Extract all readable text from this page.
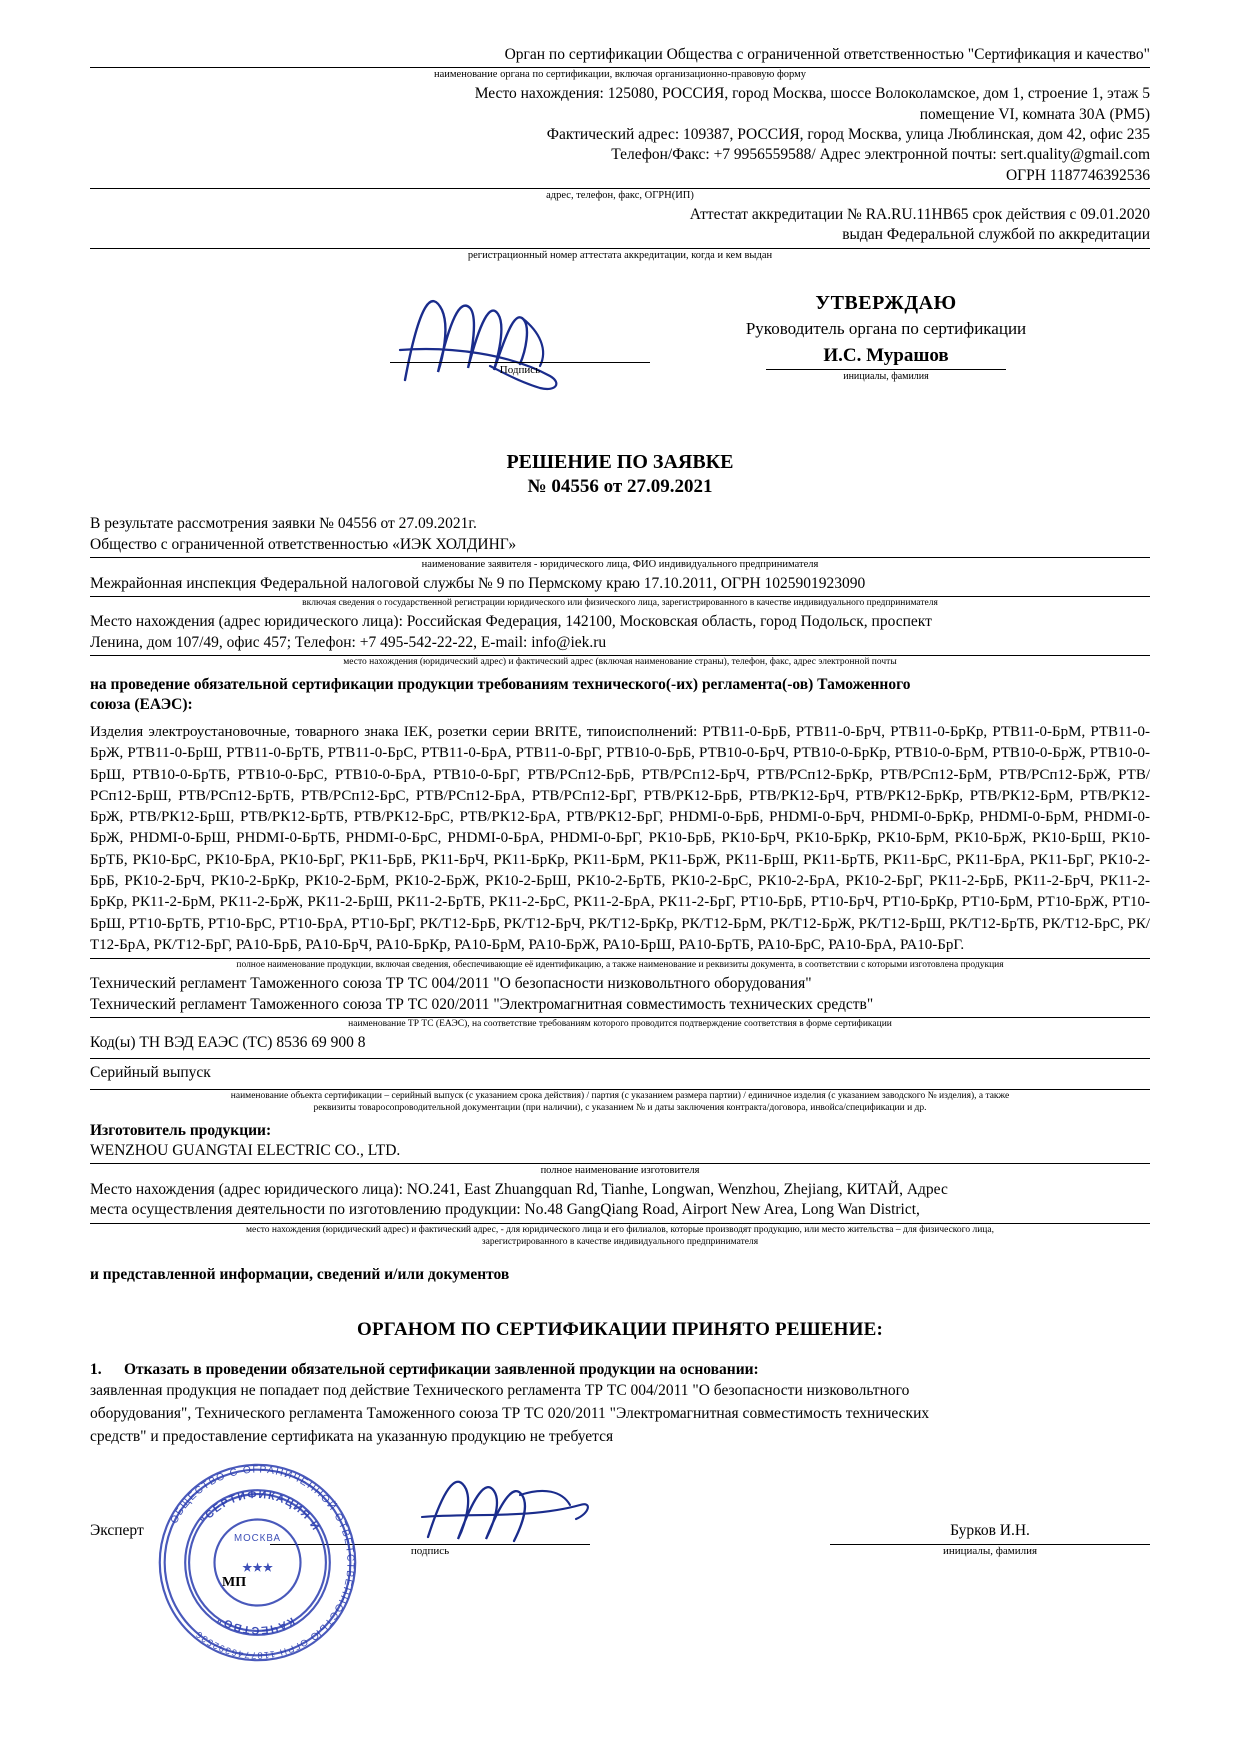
Орган по сертификации Общества с ограниченной ответственностью "Сертификация и качество"
наименование органа по сертификации, включая организационно-правовую форму
Место нахождения: 125080, РОССИЯ, город Москва, шоссе Волоколамское, дом 1, строение 1, этаж 5
помещение VI, комната 30А (РМ5)
Фактический адрес: 109387, РОССИЯ, город Москва, улица Люблинская, дом 42, офис 235
Телефон/Факс: +7 9956559588/ Адрес электронной почты: sert.quality@gmail.com
ОГРН 1187746392536
адрес, телефон, факс, ОГРН(ИП)
Аттестат аккредитации № RA.RU.11НВ65 срок действия с 09.01.2020
выдан Федеральной службой по аккредитации
регистрационный номер аттестата аккредитации, когда и кем выдан
УТВЕРЖДАЮ
Руководитель органа по сертификации
И.С. Мурашов
инициалы, фамилия
Подпись
РЕШЕНИЕ ПО ЗАЯВКЕ
№ 04556 от 27.09.2021
В результате рассмотрения заявки № 04556 от 27.09.2021г.
Общество с ограниченной ответственностью «ИЭК ХОЛДИНГ»
наименование заявителя - юридического лица, ФИО индивидуального предпринимателя
Межрайонная инспекция Федеральной налоговой службы № 9 по Пермскому краю 17.10.2011, ОГРН 1025901923090
включая сведения о государственной регистрации юридического или физического лица, зарегистрированного в качестве индивидуального предпринимателя
Место нахождения (адрес юридического лица): Российская Федерация, 142100, Московская область, город Подольск, проспект
Ленина, дом 107/49, офис 457; Телефон: +7 495-542-22-22, E-mail: info@iek.ru
место нахождения (юридический адрес) и фактический адрес (включая наименование страны), телефон, факс, адрес электронной почты
на проведение обязательной сертификации продукции требованиям технического(-их) регламента(-ов) Таможенного
союза (ЕАЭС):
Изделия электроустановочные, товарного знака IEK, розетки серии BRITE, типоисполнений: РТВ11-0-БрБ, РТВ11-0-БрЧ, РТВ11-0-БрКр, РТВ11-0-БрМ, РТВ11-0-БрЖ, РТВ11-0-БрШ, РТВ11-0-БрТБ, РТВ11-0-БрС, РТВ11-0-БрА, РТВ11-0-БрГ, РТВ10-0-БрБ, РТВ10-0-БрЧ, РТВ10-0-БрКр, РТВ10-0-БрМ, РТВ10-0-БрЖ, РТВ10-0-БрШ, РТВ10-0-БрТБ, РТВ10-0-БрС, РТВ10-0-БрА, РТВ10-0-БрГ, РТВ/РСп12-БрБ, РТВ/РСп12-БрЧ, РТВ/РСп12-БрКр, РТВ/РСп12-БрМ, РТВ/РСп12-БрЖ, РТВ/РСп12-БрШ, РТВ/РСп12-БрТБ, РТВ/РСп12-БрС, РТВ/РСп12-БрА, РТВ/РСп12-БрГ, РТВ/РК12-БрБ, РТВ/РК12-БрЧ, РТВ/РК12-БрКр, РТВ/РК12-БрМ, РТВ/РК12-БрЖ, РТВ/РК12-БрШ, РТВ/РК12-БрТБ, РТВ/РК12-БрС, РТВ/РК12-БрА, РТВ/РК12-БрГ, PHDMI-0-БрБ, PHDMI-0-БрЧ, PHDMI-0-БрКр, PHDMI-0-БрМ, PHDMI-0-БрЖ, PHDMI-0-БрШ, PHDMI-0-БрТБ, PHDMI-0-БрС, PHDMI-0-БрА, PHDMI-0-БрГ, РК10-БрБ, РК10-БрЧ, РК10-БрКр, РК10-БрМ, РК10-БрЖ, РК10-БрШ, РК10-БрТБ, РК10-БрС, РК10-БрА, РК10-БрГ, РК11-БрБ, РК11-БрЧ, РК11-БрКр, РК11-БрМ, РК11-БрЖ, РК11-БрШ, РК11-БрТБ, РК11-БрС, РК11-БрА, РК11-БрГ, РК10-2-БрБ, РК10-2-БрЧ, РК10-2-БрКр, РК10-2-БрМ, РК10-2-БрЖ, РК10-2-БрШ, РК10-2-БрТБ, РК10-2-БрС, РК10-2-БрА, РК10-2-БрГ, РК11-2-БрБ, РК11-2-БрЧ, РК11-2-БрКр, РК11-2-БрМ, РК11-2-БрЖ, РК11-2-БрШ, РК11-2-БрТБ, РК11-2-БрС, РК11-2-БрА, РК11-2-БрГ, РТ10-БрБ, РТ10-БрЧ, РТ10-БрКр, РТ10-БрМ, РТ10-БрЖ, РТ10-БрШ, РТ10-БрТБ, РТ10-БрС, РТ10-БрА, РТ10-БрГ, РК/Т12-БрБ, РК/Т12-БрЧ, РК/Т12-БрКр, РК/Т12-БрМ, РК/Т12-БрЖ, РК/Т12-БрШ, РК/Т12-БрТБ, РК/Т12-БрС, РК/Т12-БрА, РК/Т12-БрГ, РА10-БрБ, РА10-БрЧ, РА10-БрКр, РА10-БрМ, РА10-БрЖ, РА10-БрШ, РА10-БрТБ, РА10-БрС, РА10-БрА, РА10-БрГ.
полное наименование продукции, включая сведения, обеспечивающие её идентификацию, а также наименование и реквизиты документа, в соответствии с которыми изготовлена продукция
Технический регламент Таможенного союза ТР ТС 004/2011 "О безопасности низковольтного оборудования"
Технический регламент Таможенного союза ТР ТС 020/2011 "Электромагнитная совместимость технических средств"
наименование ТР ТС (ЕАЭС), на соответствие требованиям которого проводится подтверждение соответствия в форме сертификации
Код(ы) ТН ВЭД ЕАЭС (ТС) 8536 69 900 8
Серийный выпуск
наименование объекта сертификации – серийный выпуск (с указанием срока действия) / партия (с указанием размера партии) / единичное изделия (с указанием заводского № изделия), а также
реквизиты товаросопроводительной документации (при наличии), с указанием № и даты заключения контракта/договора, инвойса/спецификации и др.
Изготовитель продукции:
WENZHOU GUANGTAI ELECTRIC CO., LTD.
полное наименование изготовителя
Место нахождения (адрес юридического лица): NO.241, East Zhuangquan Rd, Tianhe, Longwan, Wenzhou, Zhejiang, КИТАЙ, Адрес
места осуществления деятельности по изготовлению продукции: No.48 GangQiang Road, Airport New Area, Long Wan District,
место нахождения (юридический адрес) и фактический адрес, - для юридического лица и его филиалов, которые производят продукцию, или место жительства – для физического лица,
зарегистрированного в качестве индивидуального предпринимателя
и представленной информации, сведений и/или документов
ОРГАНОМ ПО СЕРТИФИКАЦИИ ПРИНЯТО РЕШЕНИЕ:
1. Отказать в проведении обязательной сертификации заявленной продукции на основании:
заявленная продукция не попадает под действие Технического регламента ТР ТС 004/2011 "О безопасности низковольтного
оборудования", Технического регламента Таможенного союза ТР ТС 020/2011 "Электромагнитная совместимость технических
средств" и предоставление сертификата на указанную продукцию не требуется
Эксперт
подпись
Бурков И.Н.
инициалы, фамилия
ОБЩЕСТВО С ОГРАНИЧЕННОЙ ОТВЕТСТВЕННОСТЬЮ
ОГРН 1187746392536
"СЕРТИФИКАЦИЯ И
КАЧЕСТВО"
МОСКВА
★ ★ ★
МП
